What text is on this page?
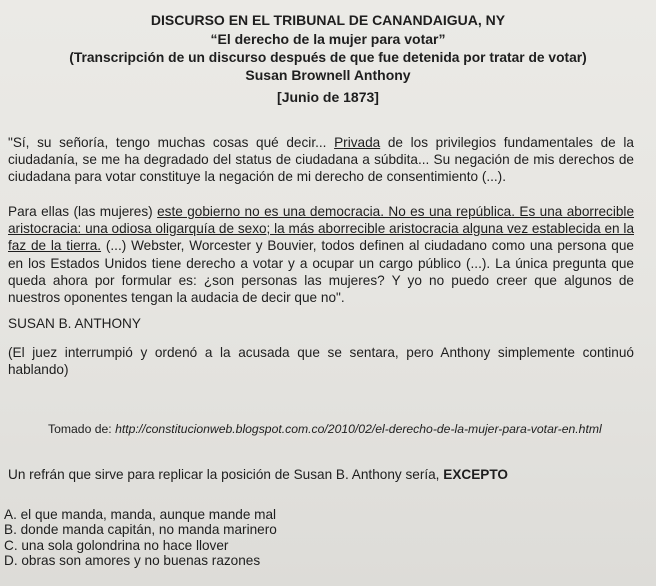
DISCURSO EN EL TRIBUNAL DE CANANDAIGUA, NY
“El derecho de la mujer para votar”
(Transcripción de un discurso después de que fue detenida por tratar de votar)
Susan Brownell Anthony
[Junio de 1873]
"Sí, su señoría, tengo muchas cosas qué decir... Privada de los privilegios fundamentales de la ciudadanía, se me ha degradado del status de ciudadana a súbdita... Su negación de mis derechos de ciudadana para votar constituye la negación de mi derecho de consentimiento (...).
Para ellas (las mujeres) este gobierno no es una democracia. No es una república. Es una aborrecible aristocracia: una odiosa oligarquía de sexo; la más aborrecible aristocracia alguna vez establecida en la faz de la tierra. (...) Webster, Worcester y Bouvier, todos definen al ciudadano como una persona que en los Estados Unidos tiene derecho a votar y a ocupar un cargo público (...). La única pregunta que queda ahora por formular es: ¿son personas las mujeres? Y yo no puedo creer que algunos de nuestros oponentes tengan la audacia de decir que no".
SUSAN B. ANTHONY
(El juez interrumpió y ordenó a la acusada que se sentara, pero Anthony simplemente continuó hablando)
Tomado de: http://constitucionweb.blogspot.com.co/2010/02/el-derecho-de-la-mujer-para-votar-en.html
Un refrán que sirve para replicar la posición de Susan B. Anthony sería, EXCEPTO
A. el que manda, manda, aunque mande mal
B. donde manda capitán, no manda marinero
C. una sola golondrina no hace llover
D. obras son amores y no buenas razones
